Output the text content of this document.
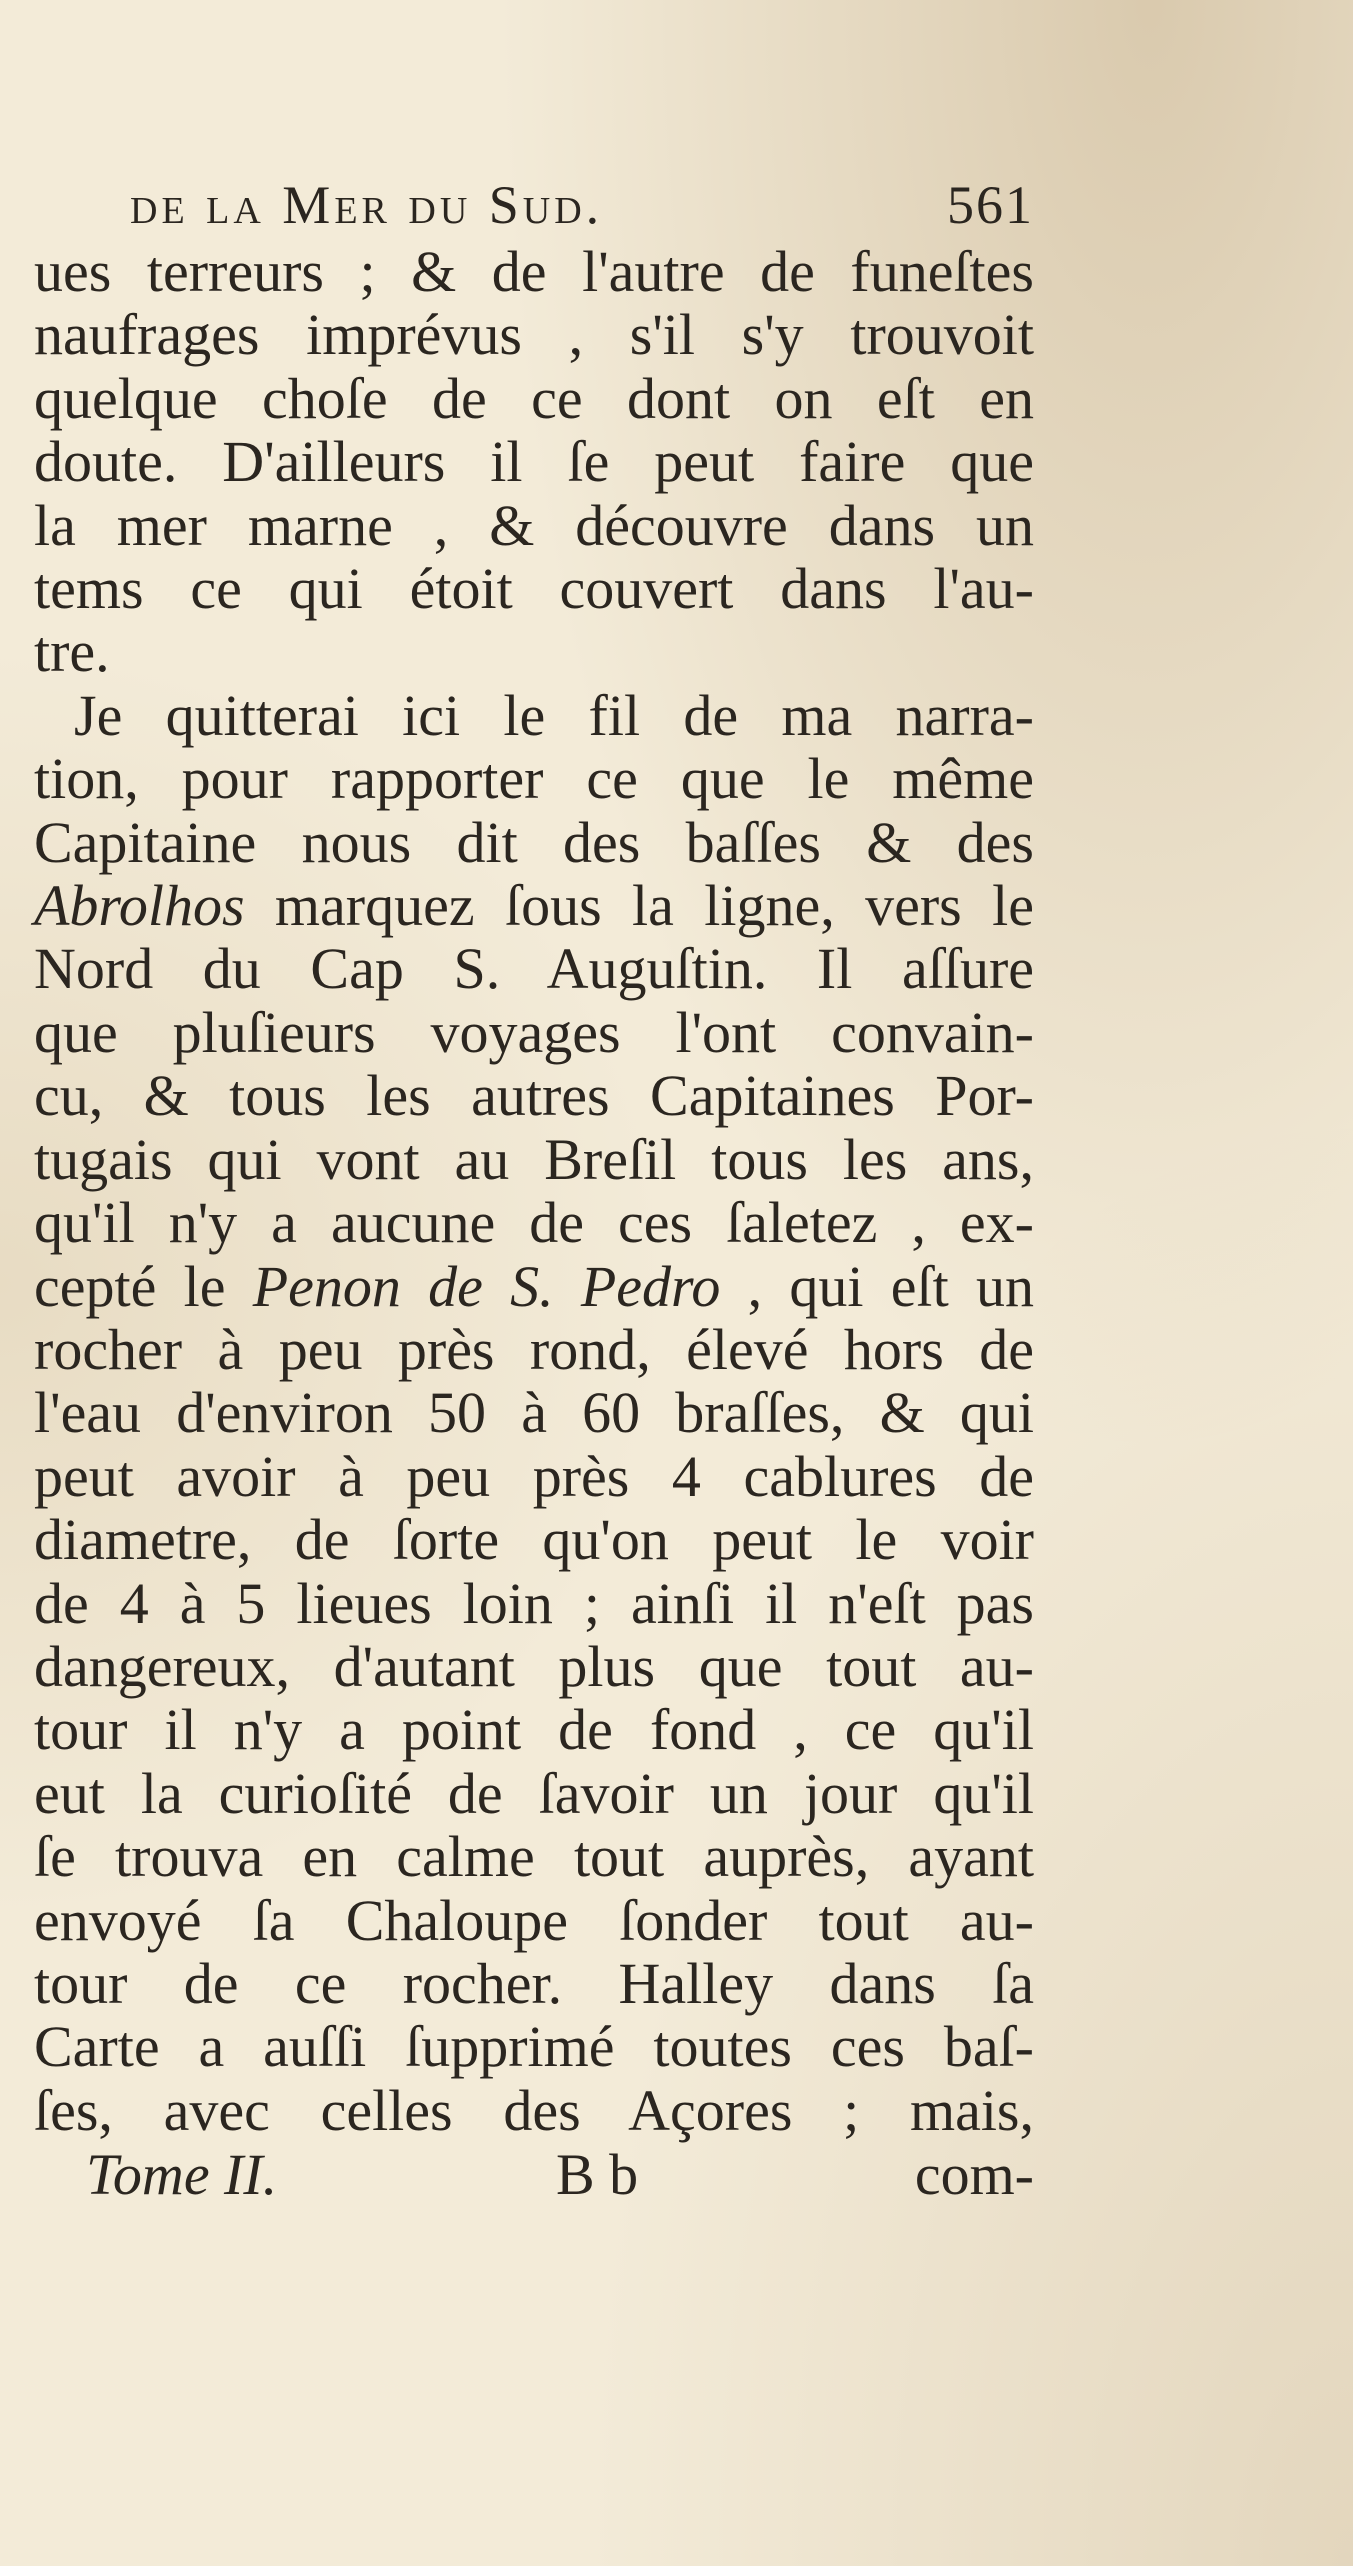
de la Mer du Sud.	561
ues terreurs ; & de l'autre de funeſtes
naufrages imprévus , s'il s'y trouvoit
quelque choſe de ce dont on eſt en
doute. D'ailleurs il ſe peut faire que
la mer marne , & découvre dans un
tems ce qui étoit couvert dans l'au-
tre.
Je quitterai ici le fil de ma narra-
tion, pour rapporter ce que le même
Capitaine nous dit des baſſes & des
Abrolhos marquez ſous la ligne, vers le
Nord du Cap S. Auguſtin. Il aſſure
que pluſieurs voyages l'ont convain-
cu, & tous les autres Capitaines Por-
tugais qui vont au Breſil tous les ans,
qu'il n'y a aucune de ces ſaletez , ex-
cepté le Penon de S. Pedro , qui eſt un
rocher à peu près rond, élevé hors de
l'eau d'environ 50 à 60 braſſes, & qui
peut avoir à peu près 4 cablures de
diametre, de ſorte qu'on peut le voir
de 4 à 5 lieues loin ; ainſi il n'eſt pas
dangereux, d'autant plus que tout au-
tour il n'y a point de fond , ce qu'il
eut la curioſité de ſavoir un jour qu'il
ſe trouva en calme tout auprès, ayant
envoyé ſa Chaloupe ſonder tout au-
tour de ce rocher. Halley dans ſa
Carte a auſſi ſupprimé toutes ces baſ-
ſes, avec celles des Açores ; mais,
Tome II.	B b	com-
